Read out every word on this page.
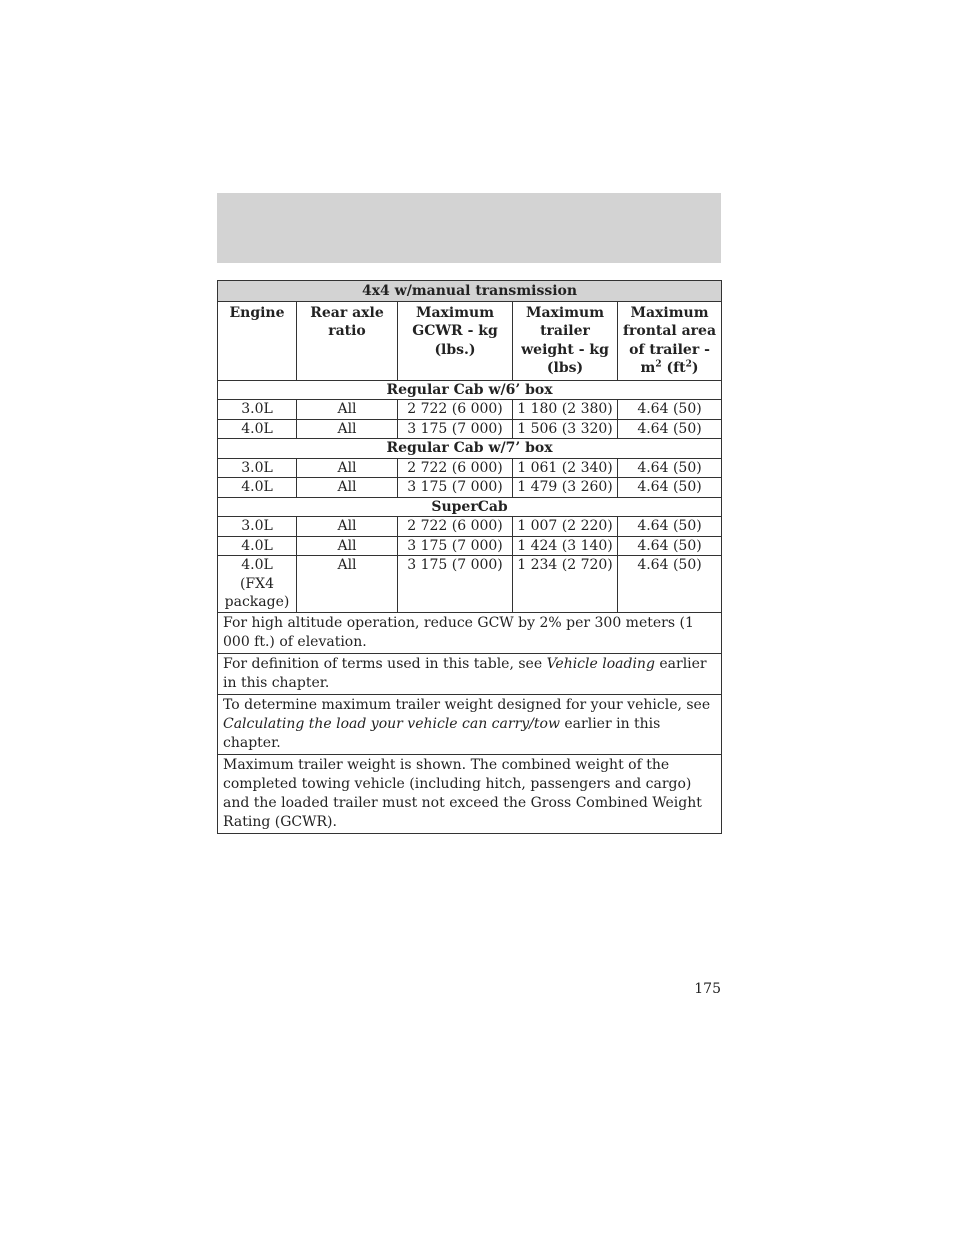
4x4 w/manual transmission				
Engine	Rear axle ratio	Maximum GCWR - kg (lbs.)	Maximum trailer weight - kg (lbs)	Maximum frontal area of trailer - $m^2$ $(ft^2)$
Regular Cab w/6’ box				
3.0L	All	2 722 (6 000)	1 180 (2 380)	4.64 (50)
4.0L	All	3 175 (7 000)	1 506 (3 320)	4.64 (50)
Regular Cab w/7’ box				
3.0L	All	2 722 (6 000)	1 061 (2 340)	4.64 (50)
4.0L	All	3 175 (7 000)	1 479 (3 260)	4.64 (50)
SuperCab				
3.0L	All	2 722 (6 000)	1 007 (2 220)	4.64 (50)
4.0L	All	3 175 (7 000)	1 424 (3 140)	4.64 (50)
4.0L (FX4 package)	All	3 175 (7 000)	1 234 (2 720)	4.64 (50)
For high altitude operation, reduce GCW by 2% per 300 meters (1 000 ft.) of elevation.				
For definition of terms used in this table, see Vehicle loading earlier in this chapter.				
To determine maximum trailer weight designed for your vehicle, see Calculating the load your vehicle can carry/tow earlier in this chapter.				
Maximum trailer weight is shown. The combined weight of the completed towing vehicle (including hitch, passengers and cargo) and the loaded trailer must not exceed the Gross Combined Weight Rating (GCWR).				
175
